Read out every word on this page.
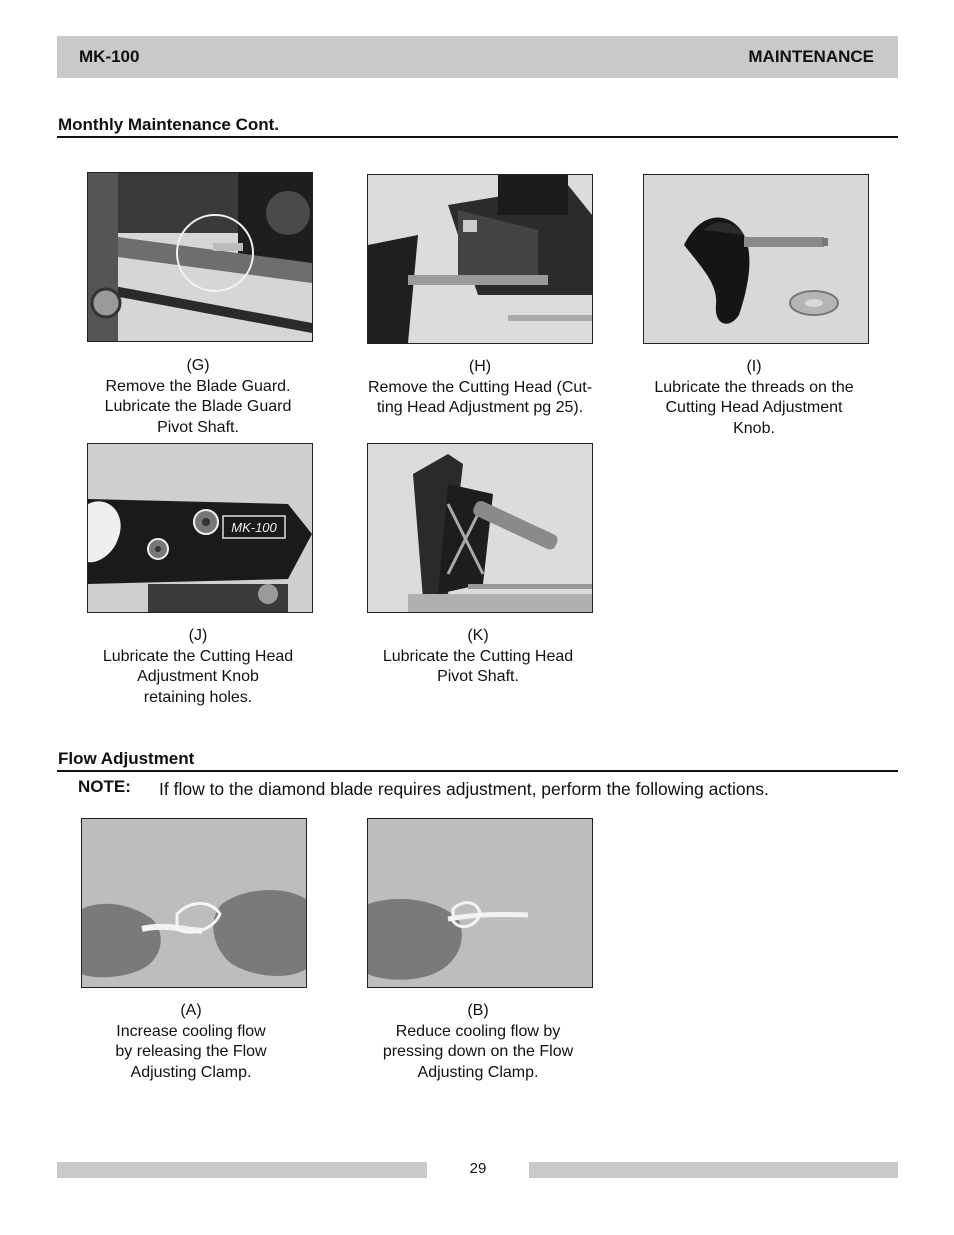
MK-100	MAINTENANCE
Monthly Maintenance Cont.
(G)
Remove the Blade Guard.
Lubricate the Blade Guard
Pivot Shaft.
(H)
Remove the Cutting Head (Cut-
ting Head Adjustment pg 25).
(I)
Lubricate the threads on the
Cutting Head Adjustment
Knob.
MK-100
(J)
Lubricate the Cutting Head
Adjustment Knob
retaining holes.
(K)
Lubricate the Cutting Head
Pivot Shaft.
Flow Adjustment
NOTE: If flow to the diamond blade requires adjustment, perform the following actions.
(A)
Increase cooling flow
by releasing the Flow
Adjusting Clamp.
(B)
Reduce cooling flow by
pressing down on the Flow
Adjusting Clamp.
29
